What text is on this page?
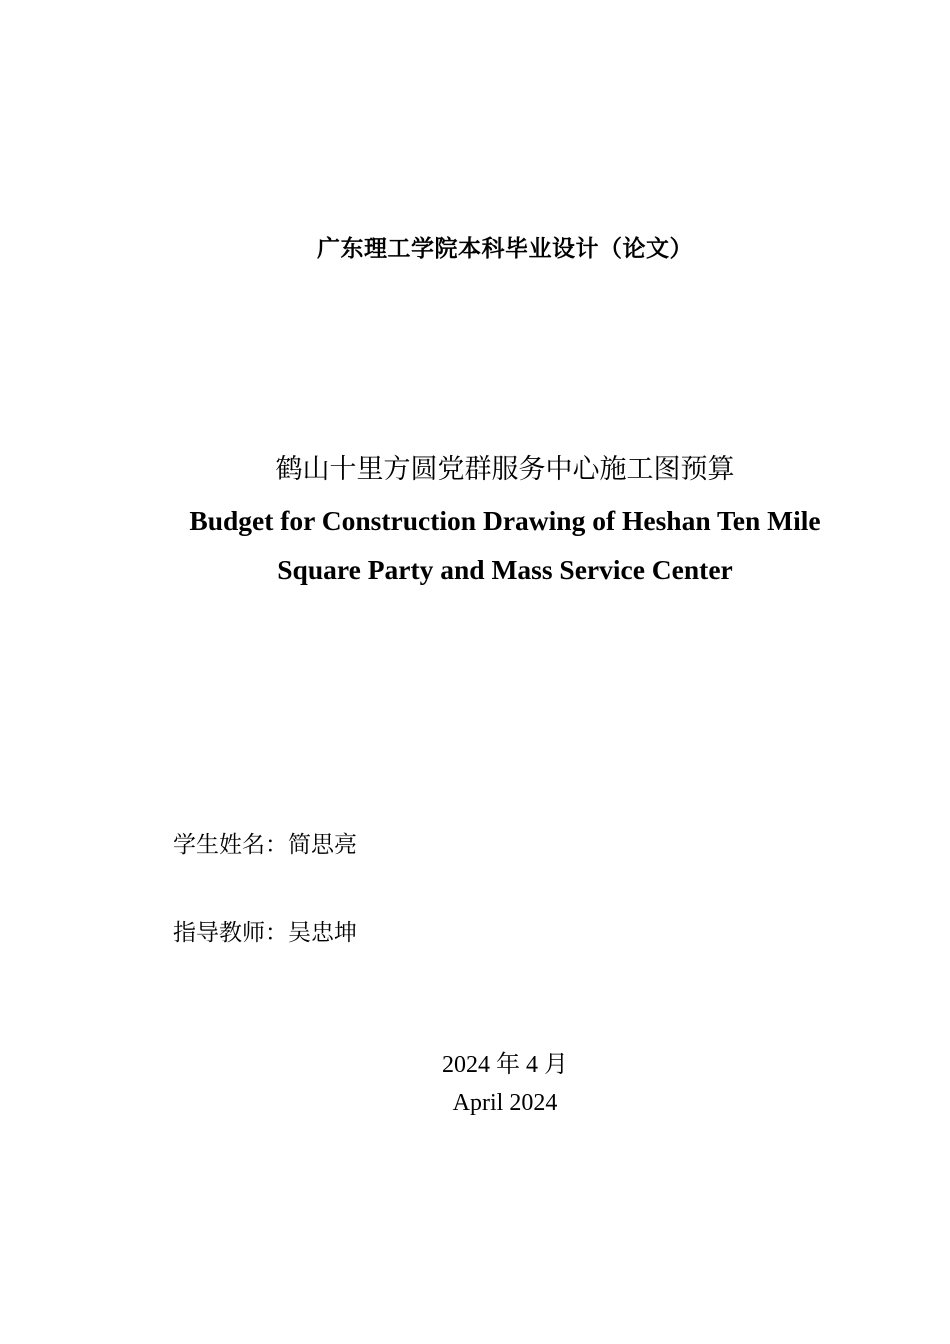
广东理工学院本科毕业设计（论文）
鹤山十里方圆党群服务中心施工图预算
Budget for Construction Drawing of Heshan Ten Mile
Square Party and Mass Service Center
学生姓名：简思亮
指导教师：吴忠坤
2024 年 4 月
April 2024
